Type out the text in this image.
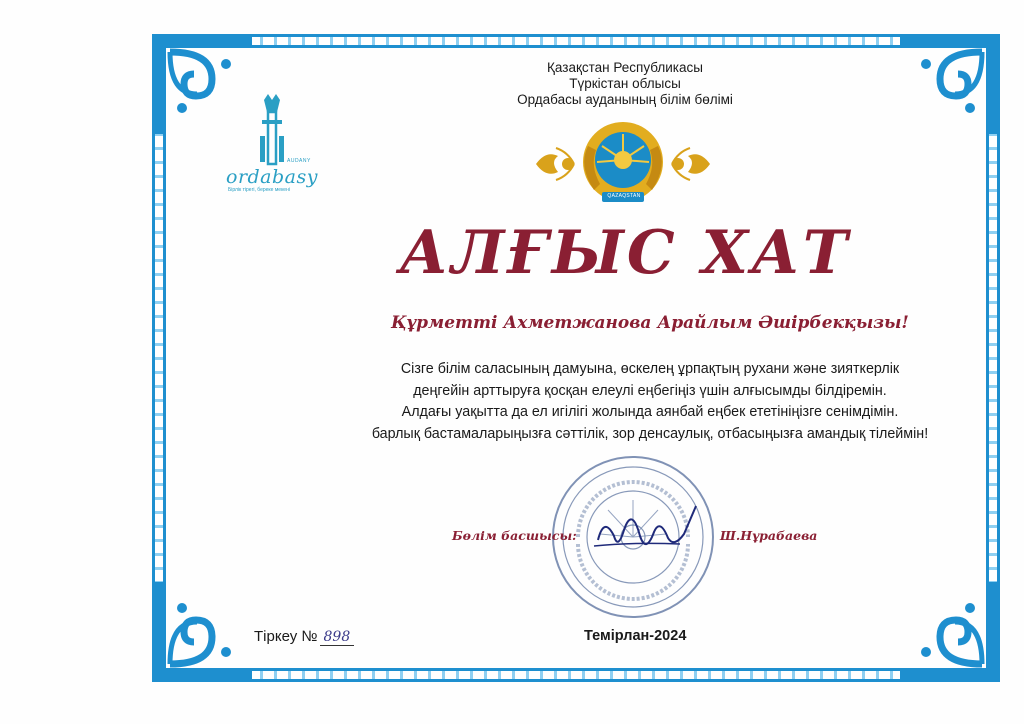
Қазақстан Республикасы
Түркістан облысы
Ордабасы ауданының білім бөлімі
AUDANY
ordabasy
Бірлік тірегі, береке мекені
QAZAQSTAN
АЛҒЫС ХАТ
Құрметті Ахметжанова Арайлым Әшірбекқызы!
Сізге білім саласының дамуына, өскелең ұрпақтың рухани және зияткерлік
деңгейін арттыруға қосқан елеулі еңбегіңіз үшін алғысымды білдіремін.
Алдағы уақытта да ел игілігі жолында аянбай еңбек ететініңізге сенімдімін.
барлық бастамаларыңызға сәттілік, зор денсаулық, отбасыңызға амандық тілеймін!
Бөлім басшысы:	Ш.Нұрабаева
Тіркеу № 898	Темірлан-2024
